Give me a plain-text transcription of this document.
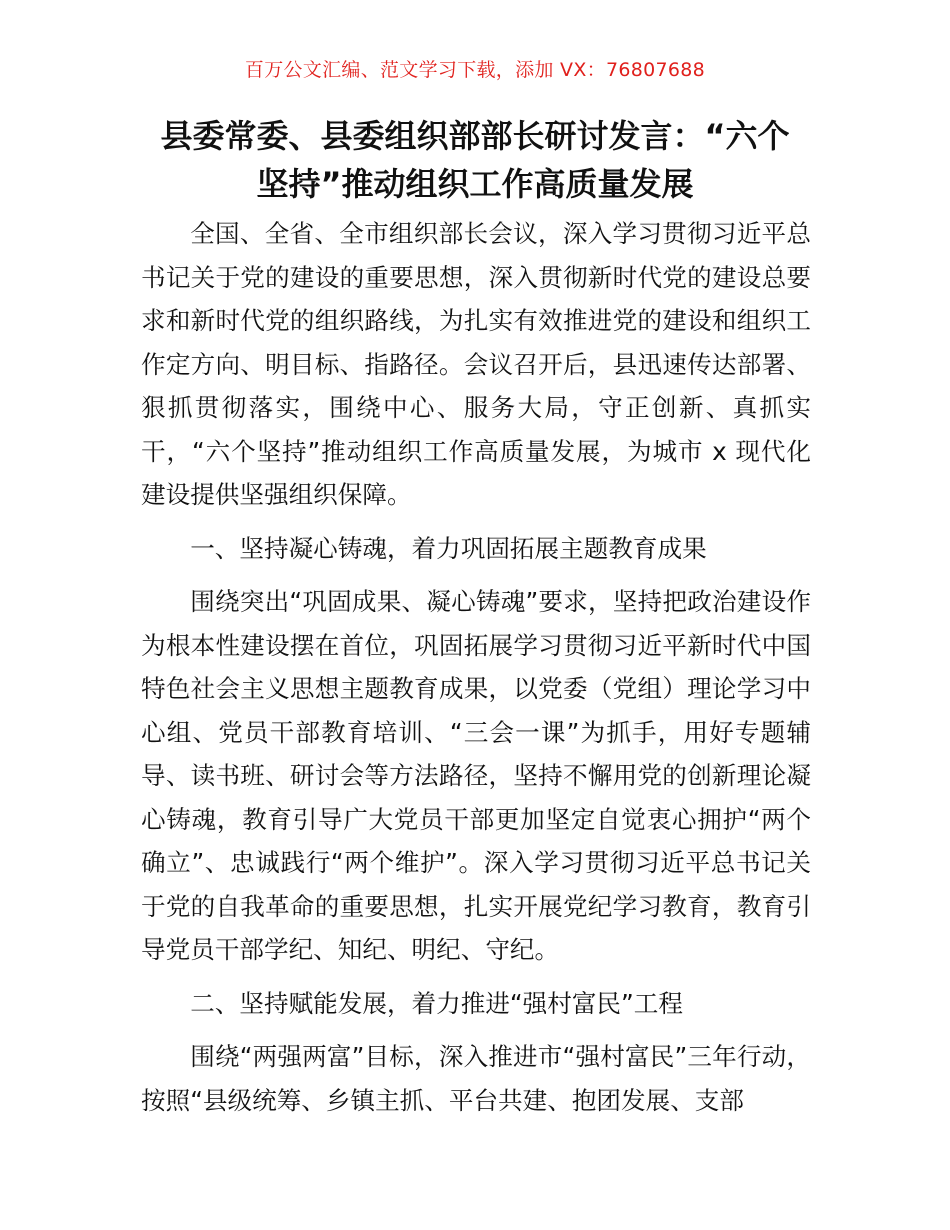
百万公文汇编、范文学习下载，添加 VX：76807688
县委常委、县委组织部部长研讨发言：“六个
坚持”推动组织工作高质量发展

全国、全省、全市组织部长会议，深入学习贯彻习近平总书记关于党的建设的重要思想，深入贯彻新时代党的建设总要求和新时代党的组织路线，为扎实有效推进党的建设和组织工作定方向、明目标、指路径。会议召开后，县迅速传达部署、狠抓贯彻落实，围绕中心、服务大局，守正创新、真抓实干，“六个坚持”推动组织工作高质量发展，为城市 x 现代化建设提供坚强组织保障。

一、坚持凝心铸魂，着力巩固拓展主题教育成果

围绕突出“巩固成果、凝心铸魂”要求，坚持把政治建设作为根本性建设摆在首位，巩固拓展学习贯彻习近平新时代中国特色社会主义思想主题教育成果，以党委（党组）理论学习中心组、党员干部教育培训、“三会一课”为抓手，用好专题辅导、读书班、研讨会等方法路径，坚持不懈用党的创新理论凝心铸魂，教育引导广大党员干部更加坚定自觉衷心拥护“两个确立”、忠诚践行“两个维护”。深入学习贯彻习近平总书记关于党的自我革命的重要思想，扎实开展党纪学习教育，教育引导党员干部学纪、知纪、明纪、守纪。

二、坚持赋能发展，着力推进“强村富民”工程

围绕“两强两富”目标，深入推进市“强村富民”三年行动，按照“县级统筹、乡镇主抓、平台共建、抱团发展、支部
